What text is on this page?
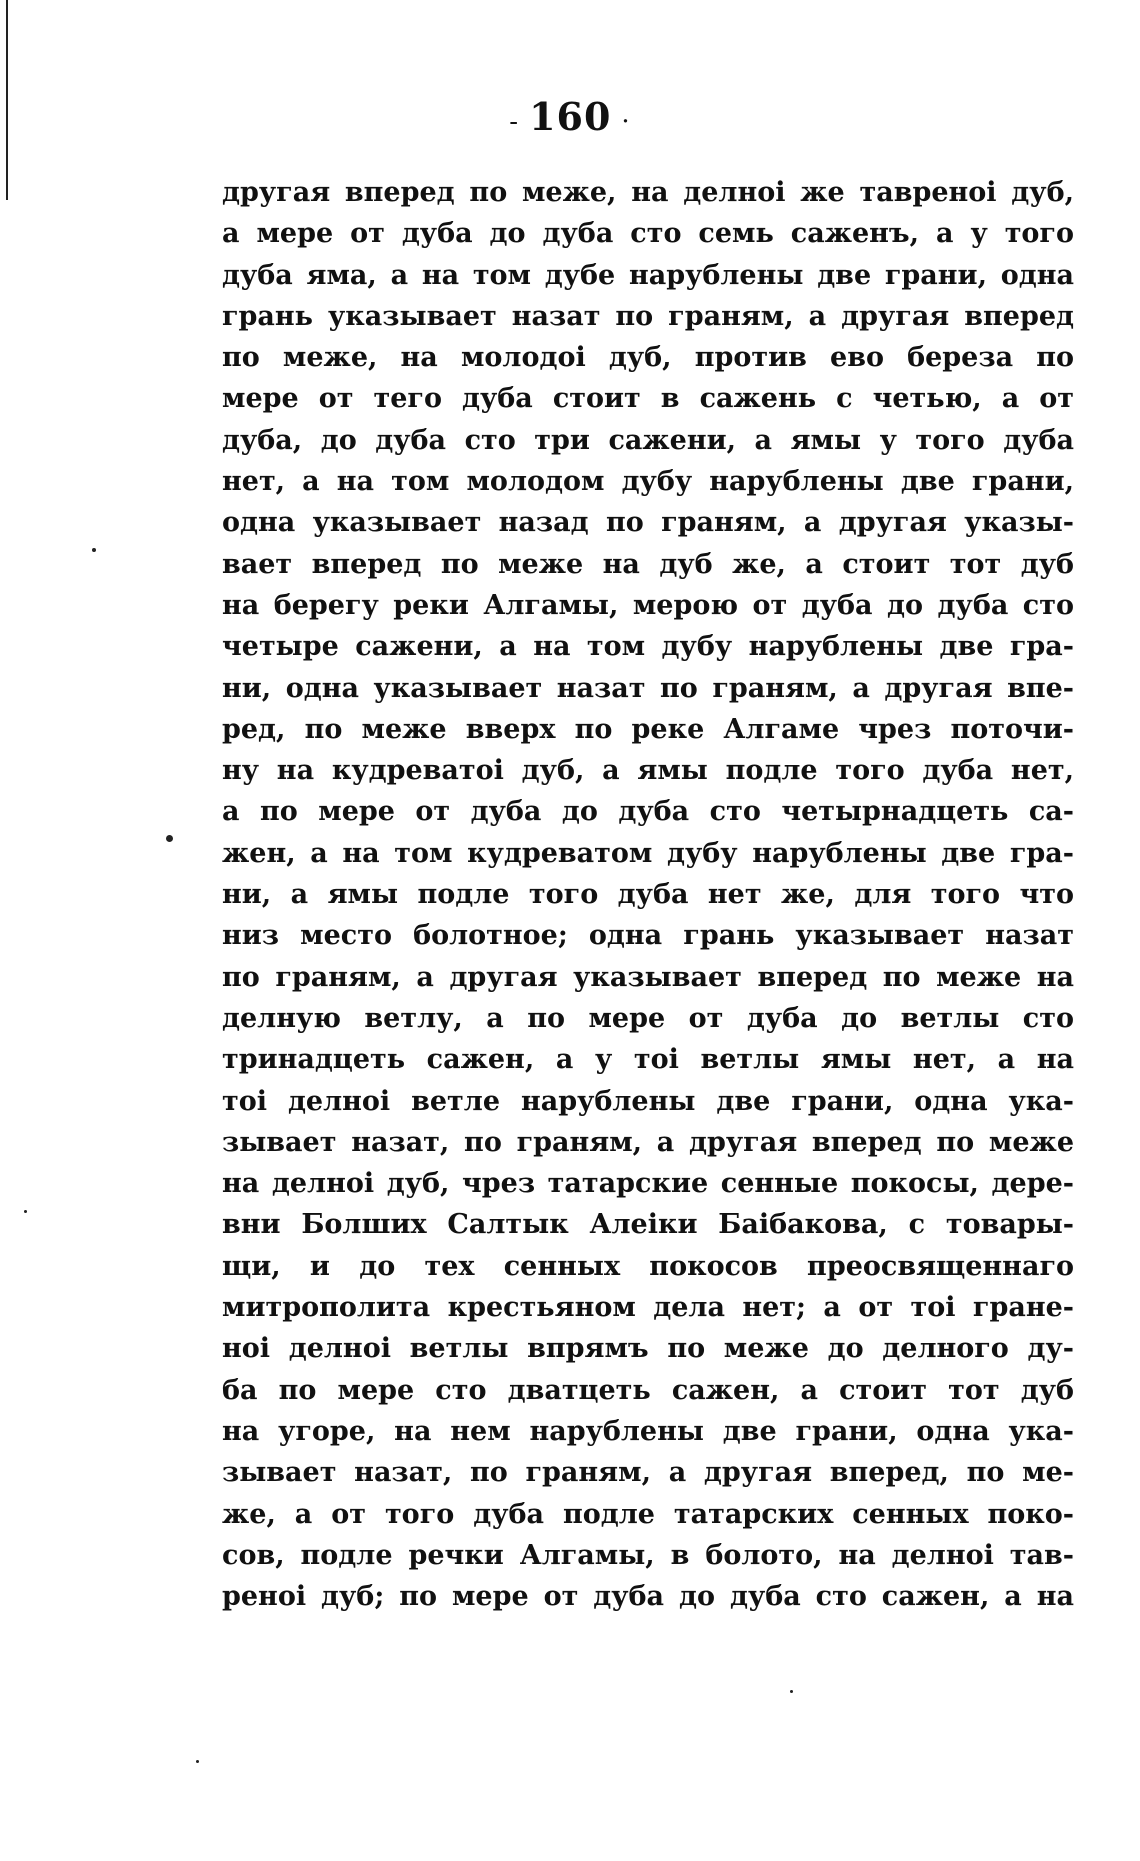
- 160 ·
другая вперед по меже, на делноі же тавреноі дуб,
а мере от дуба до дуба сто семь саженъ, а у того
дуба яма, а на том дубе нарублены две грани, одна
грань указывает назат по граням, а другая вперед
по меже, на молодоі дуб, против ево береза по
мере от тего дуба стоит в сажень с четью, а от
дуба, до дуба сто три сажени, а ямы у того дуба
нет, а на том молодом дубу нарублены две грани,
одна указывает назад по граням, а другая указы-
вает вперед по меже на дуб же, а стоит тот дуб
на берегу реки Алгамы, мерою от дуба до дуба сто
четыре сажени, а на том дубу нарублены две гра-
ни, одна указывает назат по граням, а другая впе-
ред, по меже вверх по реке Алгаме чрез поточи-
ну на кудреватоі дуб, а ямы подле того дуба нет,
а по мере от дуба до дуба сто четырнадцеть са-
жен, а на том кудреватом дубу нарублены две гра-
ни, а ямы подле того дуба нет же, для того что
низ место болотное; одна грань указывает назат
по граням, а другая указывает вперед по меже на
делную ветлу, а по мере от дуба до ветлы сто
тринадцеть сажен, а у тоі ветлы ямы нет, а на
тоі делноі ветле нарублены две грани, одна ука-
зывает назат, по граням, а другая вперед по меже
на делноі дуб, чрез татарские сенные покосы, дере-
вни Болших Салтык Алеіки Баібакова, с товары-
щи, и до тех сенных покосов преосвященнаго
митрополита крестьяном дела нет; а от тоі гране-
ноі делноі ветлы впрямъ по меже до делного ду-
ба по мере сто дватцеть сажен, а стоит тот дуб
на угоре, на нем нарублены две грани, одна ука-
зывает назат, по граням, а другая вперед, по ме-
же, а от того дуба подле татарских сенных поко-
сов, подле речки Алгамы, в болото, на делноі тав-
реноі дуб; по мере от дуба до дуба сто сажен, а на
